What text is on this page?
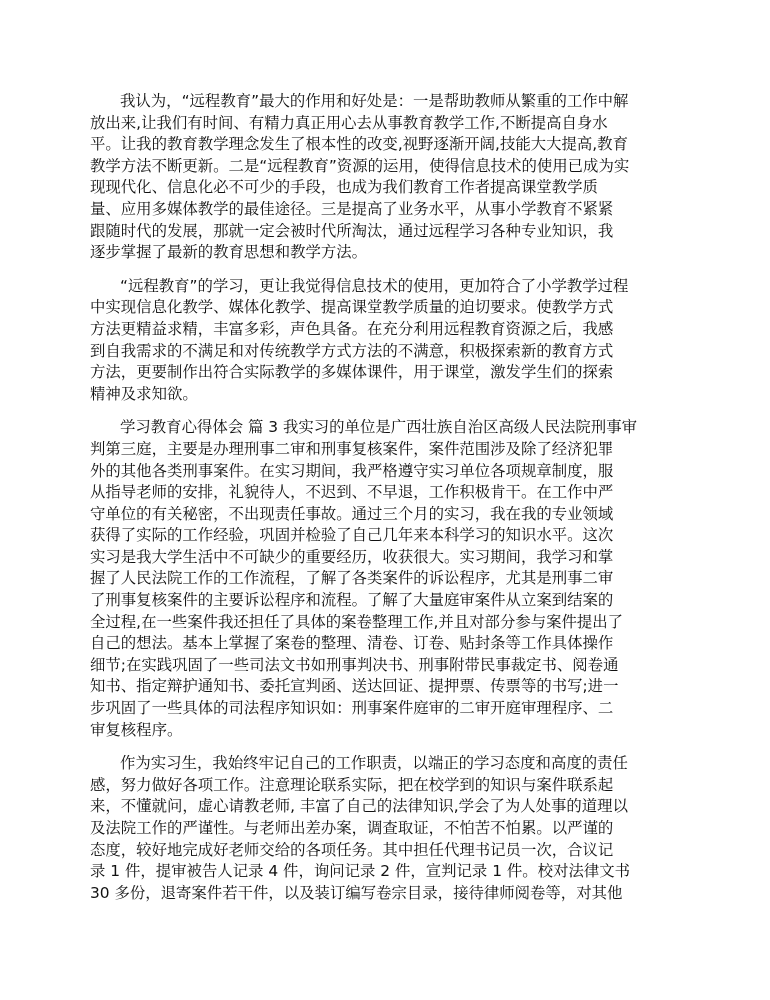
我认为，“远程教育”最大的作用和好处是：一是帮助教师从繁重的工作中解
放出来,让我们有时间、有精力真正用心去从事教育教学工作,不断提高自身水
平。让我的教育教学理念发生了根本性的改变,视野逐渐开阔,技能大大提高,教育
教学方法不断更新。二是“远程教育”资源的运用，使得信息技术的使用已成为实
现现代化、信息化必不可少的手段，也成为我们教育工作者提高课堂教学质
量、应用多媒体教学的最佳途径。三是提高了业务水平，从事小学教育不紧紧
跟随时代的发展，那就一定会被时代所淘汰，通过远程学习各种专业知识，我
逐步掌握了最新的教育思想和教学方法。
“远程教育”的学习，更让我觉得信息技术的使用，更加符合了小学教学过程
中实现信息化教学、媒体化教学、提高课堂教学质量的迫切要求。使教学方式
方法更精益求精，丰富多彩，声色具备。在充分利用远程教育资源之后，我感
到自我需求的不满足和对传统教学方式方法的不满意，积极探索新的教育方式
方法，更要制作出符合实际教学的多媒体课件，用于课堂，激发学生们的探索
精神及求知欲。
学习教育心得体会 篇 3 我实习的单位是广西壮族自治区高级人民法院刑事审
判第三庭，主要是办理刑事二审和刑事复核案件，案件范围涉及除了经济犯罪
外的其他各类刑事案件。在实习期间，我严格遵守实习单位各项规章制度，服
从指导老师的安排，礼貌待人，不迟到、不早退，工作积极肯干。在工作中严
守单位的有关秘密，不出现责任事故。通过三个月的实习，我在我的专业领域
获得了实际的工作经验，巩固并检验了自己几年来本科学习的知识水平。这次
实习是我大学生活中不可缺少的重要经历，收获很大。实习期间，我学习和掌
握了人民法院工作的工作流程，了解了各类案件的诉讼程序，尤其是刑事二审
了刑事复核案件的主要诉讼程序和流程。了解了大量庭审案件从立案到结案的
全过程,在一些案件我还担任了具体的案卷整理工作,并且对部分参与案件提出了
自己的想法。基本上掌握了案卷的整理、清卷、订卷、贴封条等工作具体操作
细节;在实践巩固了一些司法文书如刑事判决书、刑事附带民事裁定书、阅卷通
知书、指定辩护通知书、委托宣判函、送达回证、提押票、传票等的书写;进一
步巩固了一些具体的司法程序知识如：刑事案件庭审的二审开庭审理程序、二
审复核程序。
作为实习生，我始终牢记自己的工作职责，以端正的学习态度和高度的责任
感，努力做好各项工作。注意理论联系实际，把在校学到的知识与案件联系起
来，不懂就问，虚心请教老师, 丰富了自己的法律知识,学会了为人处事的道理以
及法院工作的严谨性。与老师出差办案，调查取证，不怕苦不怕累。以严谨的
态度，较好地完成好老师交给的各项任务。其中担任代理书记员一次，合议记
录 1 件，提审被告人记录 4 件，询问记录 2 件，宣判记录 1 件。校对法律文书
30 多份，退寄案件若干件，以及装订编写卷宗目录，接待律师阅卷等，对其他
